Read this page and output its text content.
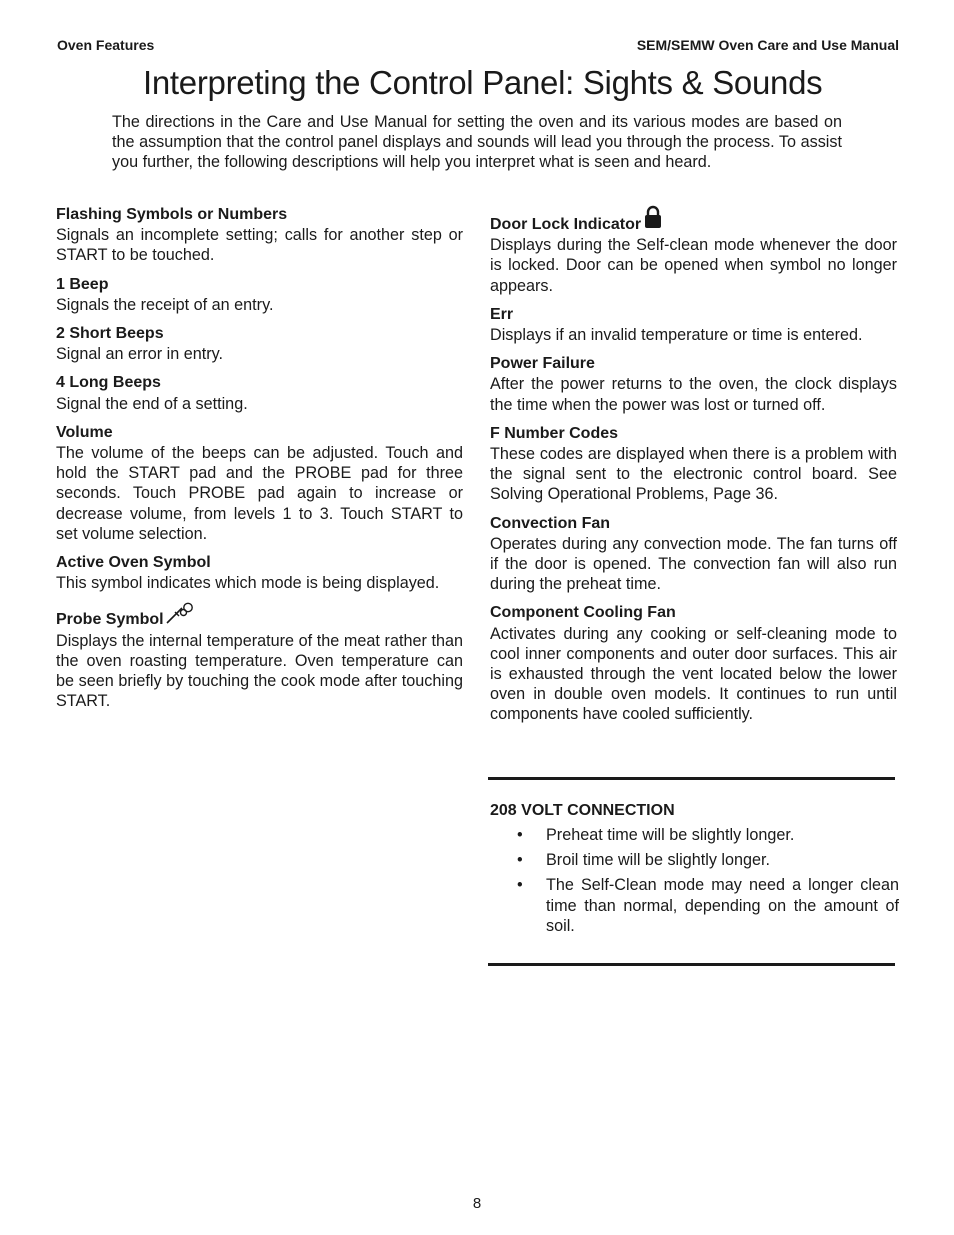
Oven Features	SEM/SEMW Oven Care and Use Manual
Interpreting the Control Panel: Sights & Sounds

The directions in the Care and Use Manual for setting the oven and its various modes are based on the assumption that the control panel displays and sounds will lead you through the process. To assist you further, the following descriptions will help you interpret what is seen and heard.

Flashing Symbols or Numbers

Signals an incomplete setting; calls for another step or START to be touched.

1 Beep

Signals the receipt of an entry.

2 Short Beeps

Signal an error in entry.

4 Long Beeps

Signal the end of a setting.

Volume

The volume of the beeps can be adjusted. Touch and hold the START pad and the PROBE pad for three seconds. Touch PROBE pad again to increase or decrease volume, from levels 1 to 3. Touch START to set volume selection.

Active Oven Symbol

This symbol indicates which mode is being displayed.

Probe Symbol

Displays the internal temperature of the meat rather than the oven roasting temperature. Oven temperature can be seen briefly by touching the cook mode after touching START.

Door Lock Indicator

Displays during the Self-clean mode whenever the door is locked. Door can be opened when symbol no longer appears.

Err

Displays if an invalid temperature or time is entered.

Power Failure

After the power returns to the oven, the clock displays the time when the power was lost or turned off.

F Number Codes

These codes are displayed when there is a problem with the signal sent to the electronic control board. See Solving Operational Problems, Page 36.

Convection Fan

Operates during any convection mode. The fan turns off if the door is opened. The convection fan will also run during the preheat time.

Component Cooling Fan

Activates during any cooking or self-cleaning mode to cool inner components and outer door surfaces. This air is exhausted through the vent located below the lower oven in double oven models. It continues to run until components have cooled sufficiently.

208 VOLT CONNECTION
• Preheat time will be slightly longer.
• Broil time will be slightly longer.
• The Self-Clean mode may need a longer clean time than normal, depending on the amount of soil.
8
